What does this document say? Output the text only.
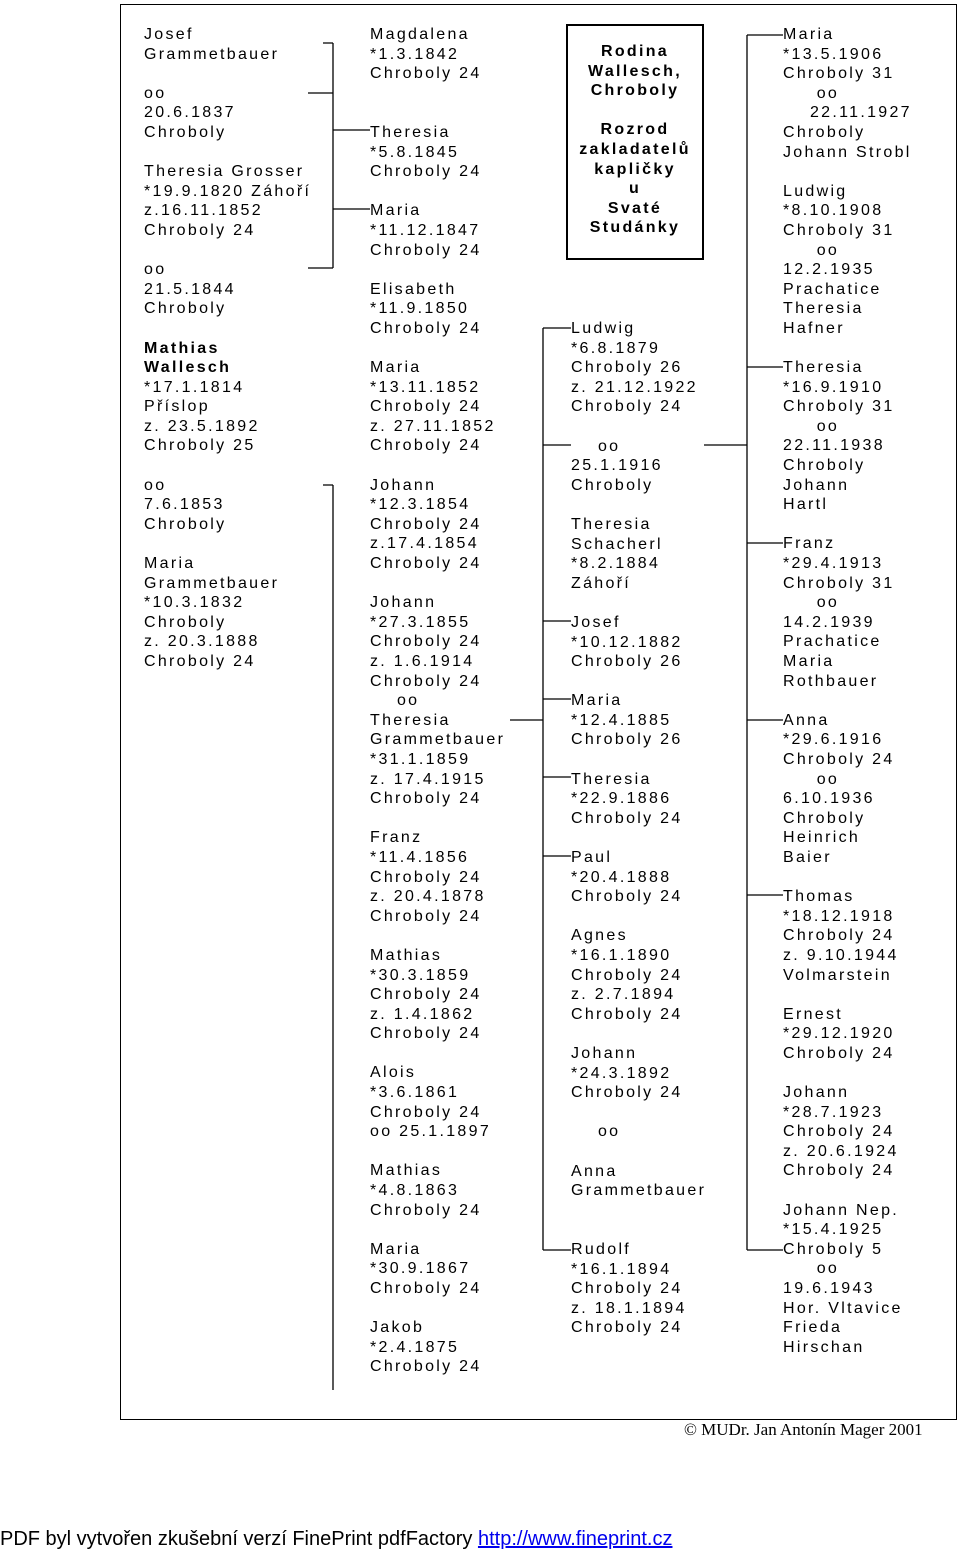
Josef
Grammetbauer
oo
20.6.1837
Chroboly
Theresia Grosser
*19.9.1820 Záhoří
z.16.11.1852
Chroboly 24
oo
21.5.1844
Chroboly
Mathias
Wallesch
*17.1.1814
Příslop
z. 23.5.1892
Chroboly 25
oo
7.6.1853
Chroboly
Maria
Grammetbauer
*10.3.1832
Chroboly
z. 20.3.1888
Chroboly 24
Magdalena
*1.3.1842
Chroboly 24
Theresia
*5.8.1845
Chroboly 24
Maria
*11.12.1847
Chroboly 24
Elisabeth
*11.9.1850
Chroboly 24
Maria
*13.11.1852
Chroboly 24
z. 27.11.1852
Chroboly 24
Johann
*12.3.1854
Chroboly 24
z.17.4.1854
Chroboly 24
Johann
*27.3.1855
Chroboly 24
z. 1.6.1914
Chroboly 24
oo
Theresia
Grammetbauer
*31.1.1859
z. 17.4.1915
Chroboly 24
Franz
*11.4.1856
Chroboly 24
z. 20.4.1878
Chroboly 24
Mathias
*30.3.1859
Chroboly 24
z. 1.4.1862
Chroboly 24
Alois
*3.6.1861
Chroboly 24
oo 25.1.1897
Mathias
*4.8.1863
Chroboly 24
Maria
*30.9.1867
Chroboly 24
Jakob
*2.4.1875
Chroboly 24
Rodina
Wallesch,
Chroboly
Rozrod
zakladatelů
kapličky
u
Svaté
Studánky
Ludwig
*6.8.1879
Chroboly 26
z. 21.12.1922
Chroboly 24
oo
25.1.1916
Chroboly
Theresia
Schacherl
*8.2.1884
Záhoří
Josef
*10.12.1882
Chroboly 26
Maria
*12.4.1885
Chroboly 26
Theresia
*22.9.1886
Chroboly 24
Paul
*20.4.1888
Chroboly 24
Agnes
*16.1.1890
Chroboly 24
z. 2.7.1894
Chroboly 24
Johann
*24.3.1892
Chroboly 24
oo
Anna
Grammetbauer
Rudolf
*16.1.1894
Chroboly 24
z. 18.1.1894
Chroboly 24
Maria
*13.5.1906
Chroboly 31
oo
22.11.1927
Chroboly
Johann Strobl
Ludwig
*8.10.1908
Chroboly 31
oo
12.2.1935
Prachatice
Theresia
Hafner
Theresia
*16.9.1910
Chroboly 31
oo
22.11.1938
Chroboly
Johann
Hartl
Franz
*29.4.1913
Chroboly 31
oo
14.2.1939
Prachatice
Maria
Rothbauer
Anna
*29.6.1916
Chroboly 24
oo
6.10.1936
Chroboly
Heinrich
Baier
Thomas
*18.12.1918
Chroboly 24
z. 9.10.1944
Volmarstein
Ernest
*29.12.1920
Chroboly 24
Johann
*28.7.1923
Chroboly 24
z. 20.6.1924
Chroboly 24
Johann Nep.
*15.4.1925
Chroboly 5
oo
19.6.1943
Hor. Vltavice
Frieda
Hirschan
© MUDr. Jan Antonín Mager 2001
PDF byl vytvořen zkušební verzí FinePrint pdfFactory http://www.fineprint.cz
